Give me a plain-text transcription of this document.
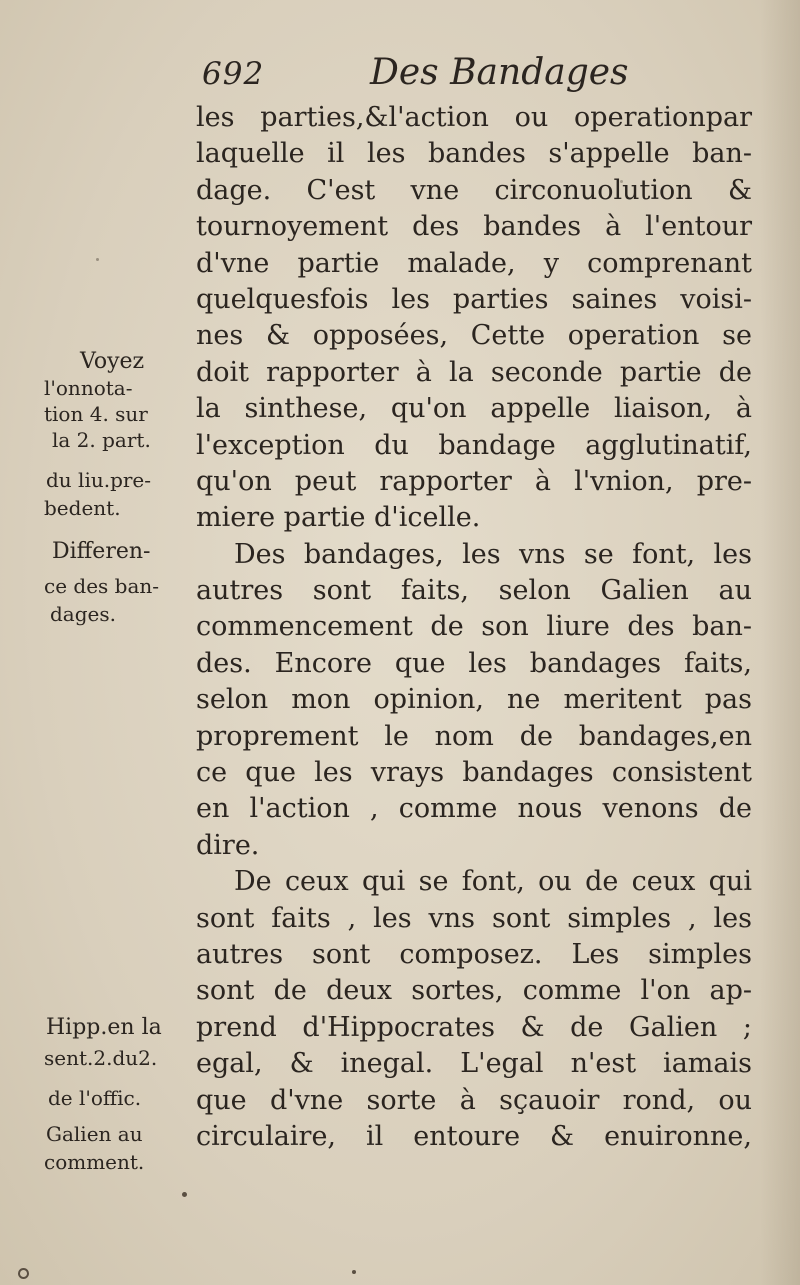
692	Des Bandages
les parties,&l'action ou operationpar
laquelle il les bandes s'appelle ban-
dage. C'est vne circonuolution &
tournoyement des bandes à l'entour
d'vne partie malade, y comprenant
quelquesfois les parties saines voisi-
nes & opposées, Cette operation se
doit rapporter à la seconde partie de
la sinthese, qu'on appelle liaison, à
l'exception du bandage agglutinatif,
qu'on peut rapporter à l'vnion, pre-
miere partie d'icelle.
Des bandages, les vns se font, les
autres sont faits, selon Galien au
commencement de son liure des ban-
des. Encore que les bandages faits,
selon mon opinion, ne meritent pas
proprement le nom de bandages,en
ce que les vrays bandages consistent
en l'action , comme nous venons de
dire.
De ceux qui se font, ou de ceux qui
sont faits , les vns sont simples , les
autres sont composez. Les simples
sont de deux sortes, comme l'on ap-
prend d'Hippocrates & de Galien ;
egal, & inegal. L'egal n'est iamais
que d'vne sorte à sçauoir rond, ou
circulaire, il entoure & enuironne,
Voyez
l'onnota-
tion 4. sur
la 2. part.
du liu.pre-
bedent.
Differen-
ce des ban-
dages.
Hipp.en la
sent.2.du2.
de l'offic.
Galien au
comment.
